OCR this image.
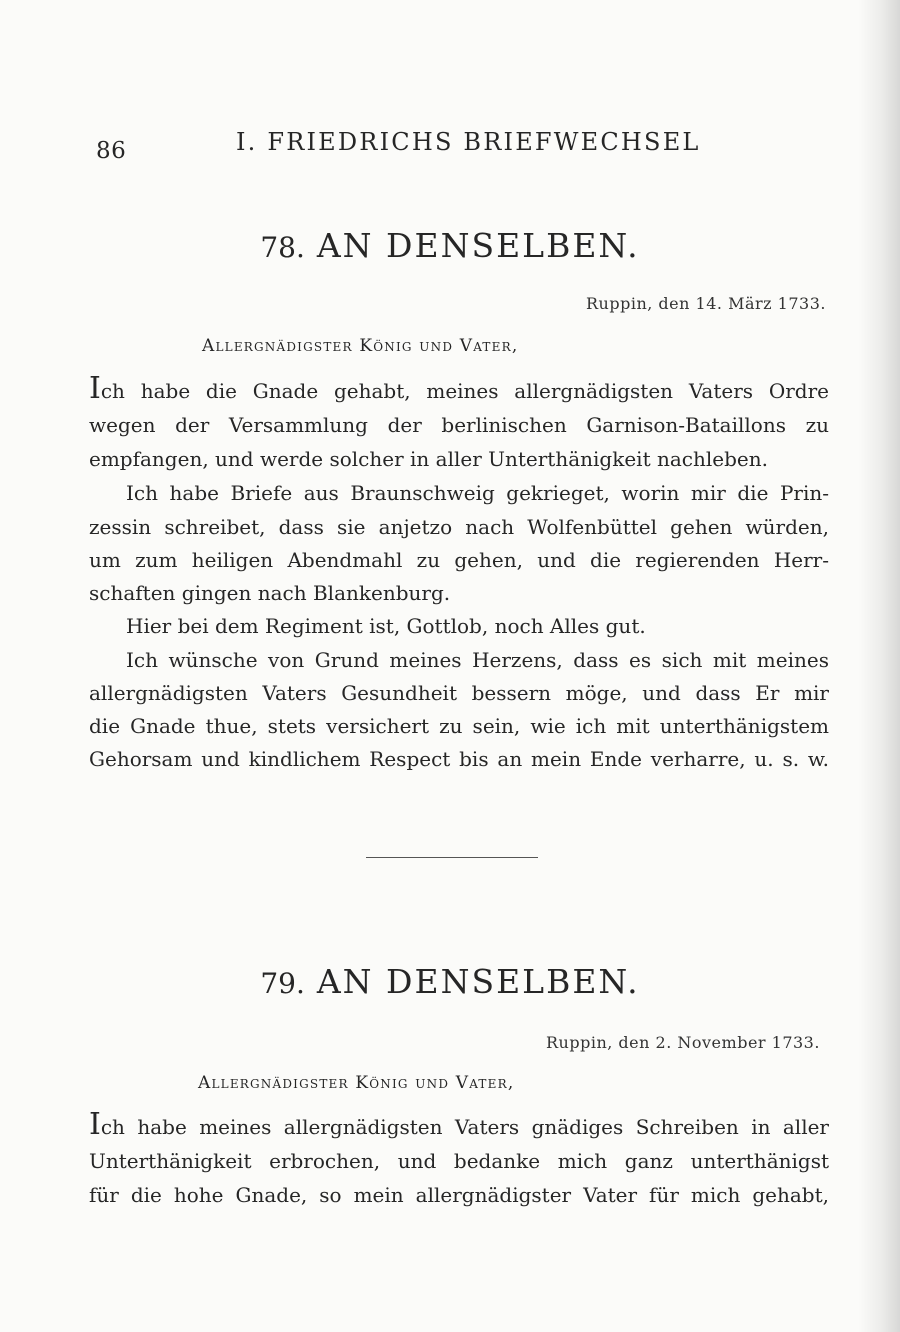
86	I. FRIEDRICHS BRIEFWECHSEL
78. AN DENSELBEN.
Ruppin, den 14. März 1733.
Allergnädigster König und Vater,
Ich habe die Gnade gehabt, meines allergnädigsten Vaters Ordre
wegen der Versammlung der berlinischen Garnison-Bataillons zu
empfangen, und werde solcher in aller Unterthänigkeit nachleben.
Ich habe Briefe aus Braunschweig gekrieget, worin mir die Prin-
zessin schreibet, dass sie anjetzo nach Wolfenbüttel gehen würden,
um zum heiligen Abendmahl zu gehen, und die regierenden Herr-
schaften gingen nach Blankenburg.
Hier bei dem Regiment ist, Gottlob, noch Alles gut.
Ich wünsche von Grund meines Herzens, dass es sich mit meines
allergnädigsten Vaters Gesundheit bessern möge, und dass Er mir
die Gnade thue, stets versichert zu sein, wie ich mit unterthänigstem
Gehorsam und kindlichem Respect bis an mein Ende verharre, u. s. w.
79. AN DENSELBEN.
Ruppin, den 2. November 1733.
Allergnädigster König und Vater,
Ich habe meines allergnädigsten Vaters gnädiges Schreiben in aller
Unterthänigkeit erbrochen, und bedanke mich ganz unterthänigst
für die hohe Gnade, so mein allergnädigster Vater für mich gehabt,
